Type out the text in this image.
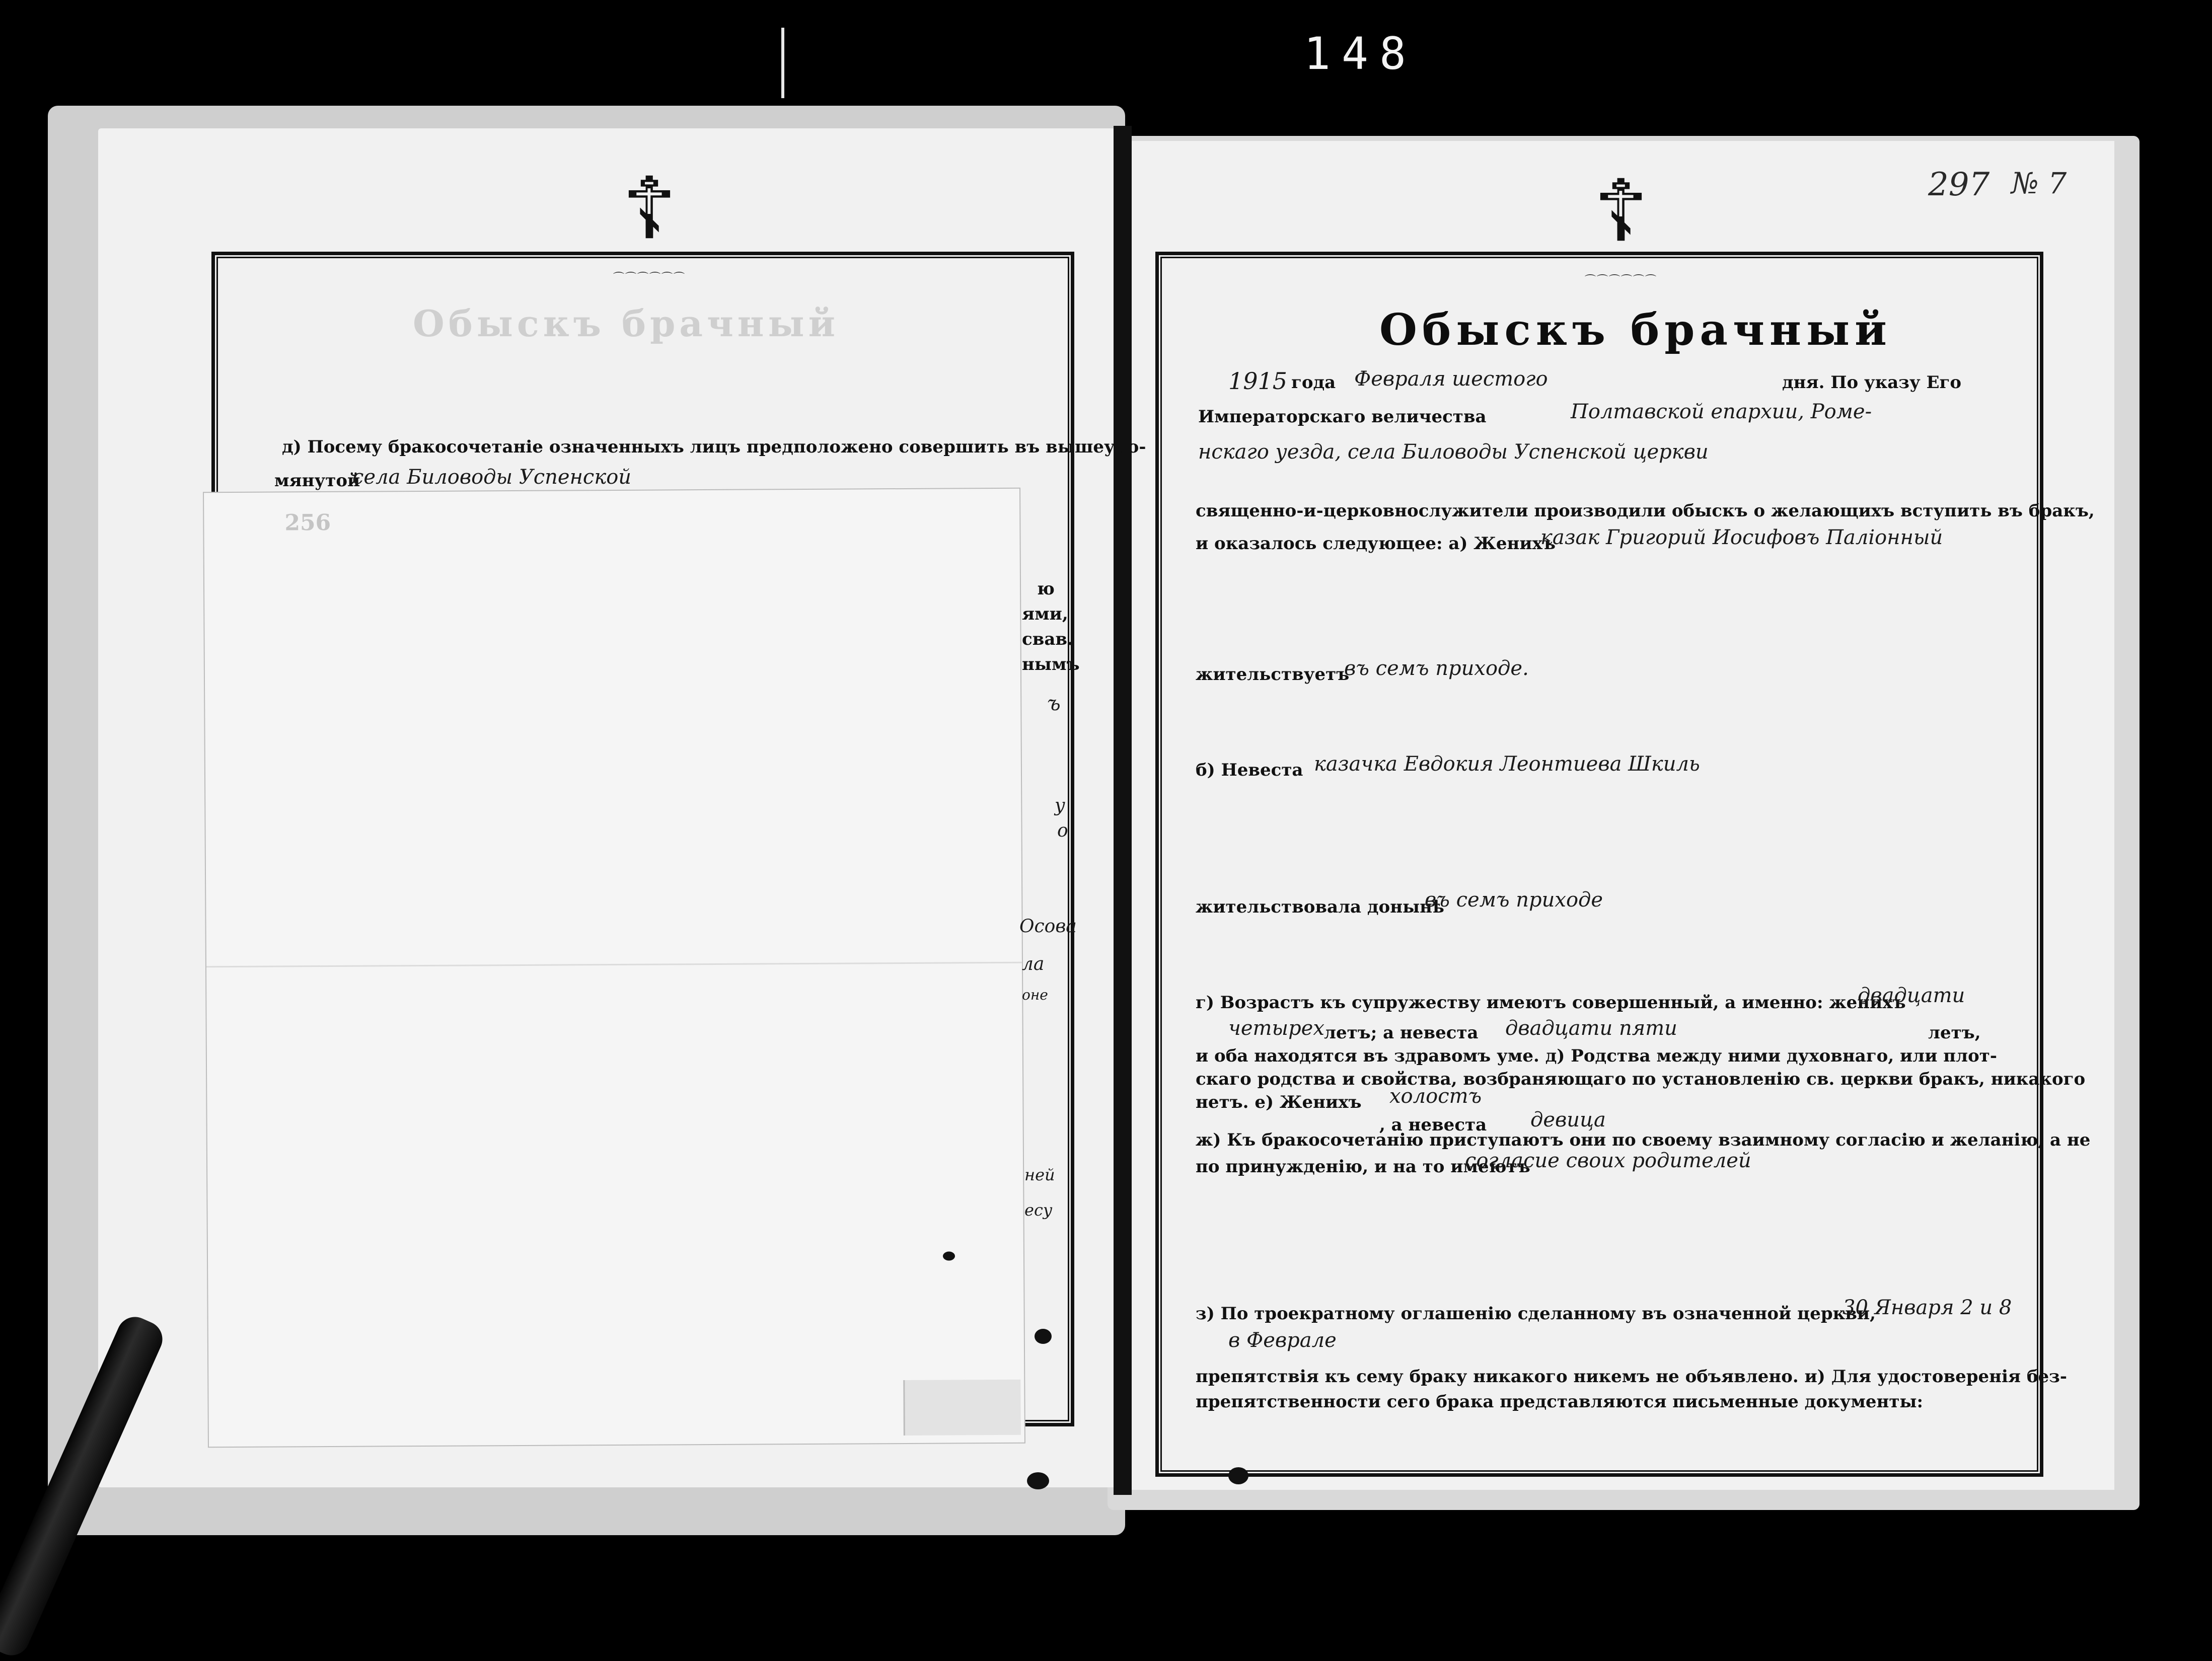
148
☦
⌒⌒⌒⌒⌒⌒
Обыскъ брачный
д) Посему бракосочетаніе означенныхъ лицъ предположено совершить въ вышеупо-
мянутой
села Биловоды Успенской
ю
ями,
свав.
нымъ
256
ъ
у
о
Осова
ла
оне
ней
есу
297 № 7
☦
⌒⌒⌒⌒⌒⌒
Обыскъ брачный
1915 года Февраля шестого	дня. По указу Его
Императорскаго величества	Полтавской епархии, Роме-
нскаго уезда, села Биловоды Успенской церкви
священно-и-церковнослужители производили обыскъ о желающихъ вступить въ бракъ,
и оказалось следующее: а) Женихъ
казак Григорий Иосифовъ Палiонный
жительствуетъ
въ семъ приходе.
б) Невеста казачка Евдокия Леонтиева Шкиль
жительствовала донынѣ
въ семъ приходе
г) Возрастъ къ супружеству имеютъ совершенный, а именно: женихъ
двадцати
четырех летъ; а невеста двадцати пяти	летъ,
и оба находятся въ здравомъ уме. д) Родства между ними духовнаго, или плот-
скаго родства и свойства, возбраняющаго по установленію св. церкви бракъ, никакого
нетъ. е) Женихъ холостъ
, а невеста девица
ж) Къ бракосочетанію приступаютъ они по своему взаимному согласію и желанію, а не
по принужденію, и на то имеютъ
согласие своих родителей
з) По троекратному оглашенію сделанному въ означенной церкви,
30 Января 2 и 8
в Феврале
препятствія къ сему браку никакого никемъ не объявлено. и) Для удостоверенія без-
препятственности сего брака представляются письменные документы:
